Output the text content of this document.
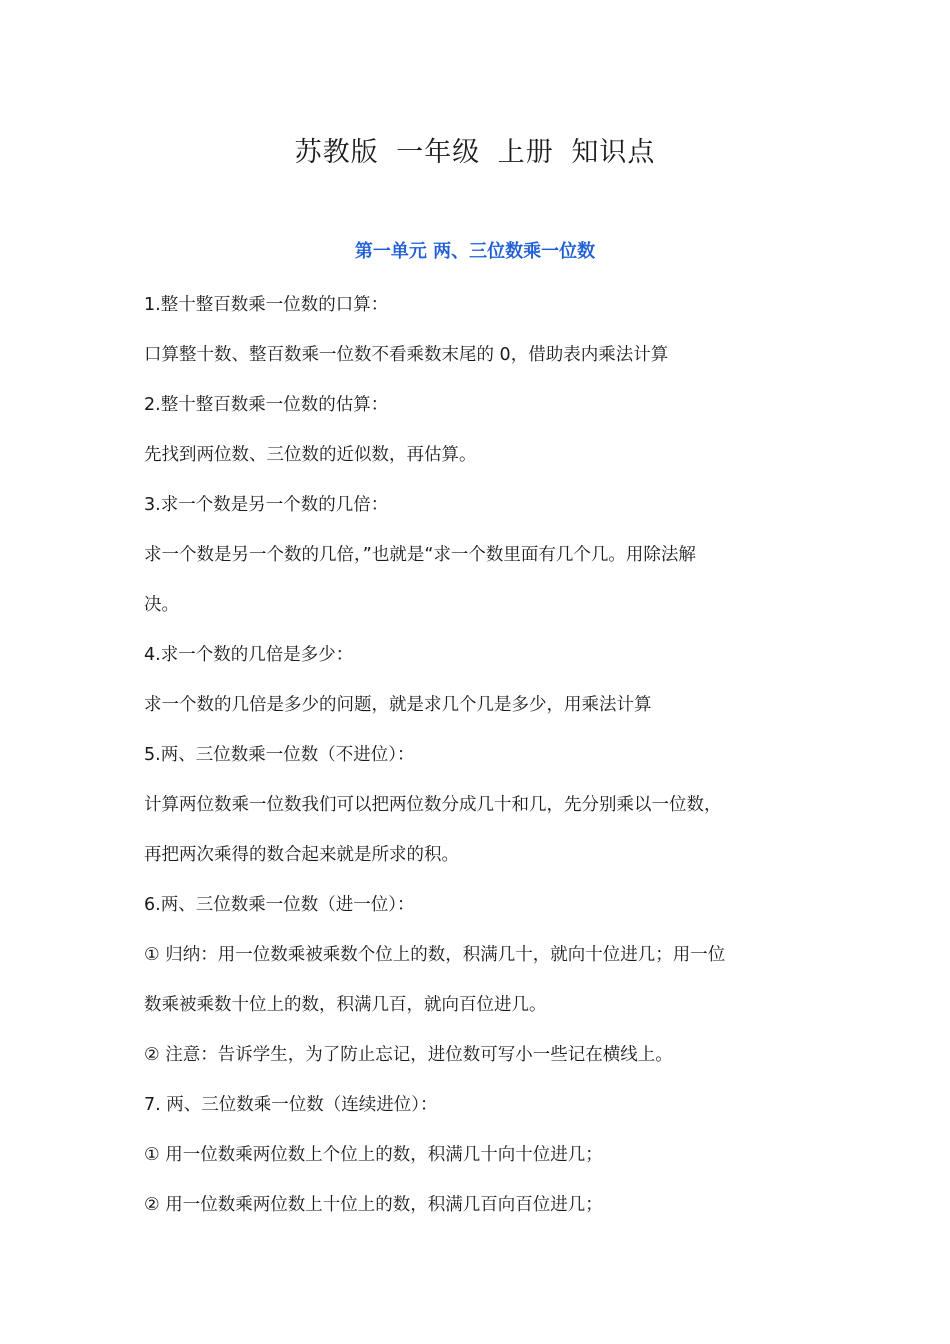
苏教版 一年级 上册 知识点
第一单元 两、三位数乘一位数

1.整十整百数乘一位数的口算：

口算整十数、整百数乘一位数不看乘数末尾的 0，借助表内乘法计算

2.整十整百数乘一位数的估算：

先找到两位数、三位数的近似数，再估算。

3.求一个数是另一个数的几倍：

求一个数是另一个数的几倍，”也就是“求一个数里面有几个几。用除法解

决。

4.求一个数的几倍是多少：

求一个数的几倍是多少的问题，就是求几个几是多少，用乘法计算

5.两、三位数乘一位数（不进位）：

计算两位数乘一位数我们可以把两位数分成几十和几，先分别乘以一位数，

再把两次乘得的数合起来就是所求的积。

6.两、三位数乘一位数（进一位）：

① 归纳：用一位数乘被乘数个位上的数，积满几十，就向十位进几；用一位

数乘被乘数十位上的数，积满几百，就向百位进几。

② 注意：告诉学生，为了防止忘记，进位数可写小一些记在横线上。

7. 两、三位数乘一位数（连续进位）：

① 用一位数乘两位数上个位上的数，积满几十向十位进几；

② 用一位数乘两位数上十位上的数，积满几百向百位进几；
